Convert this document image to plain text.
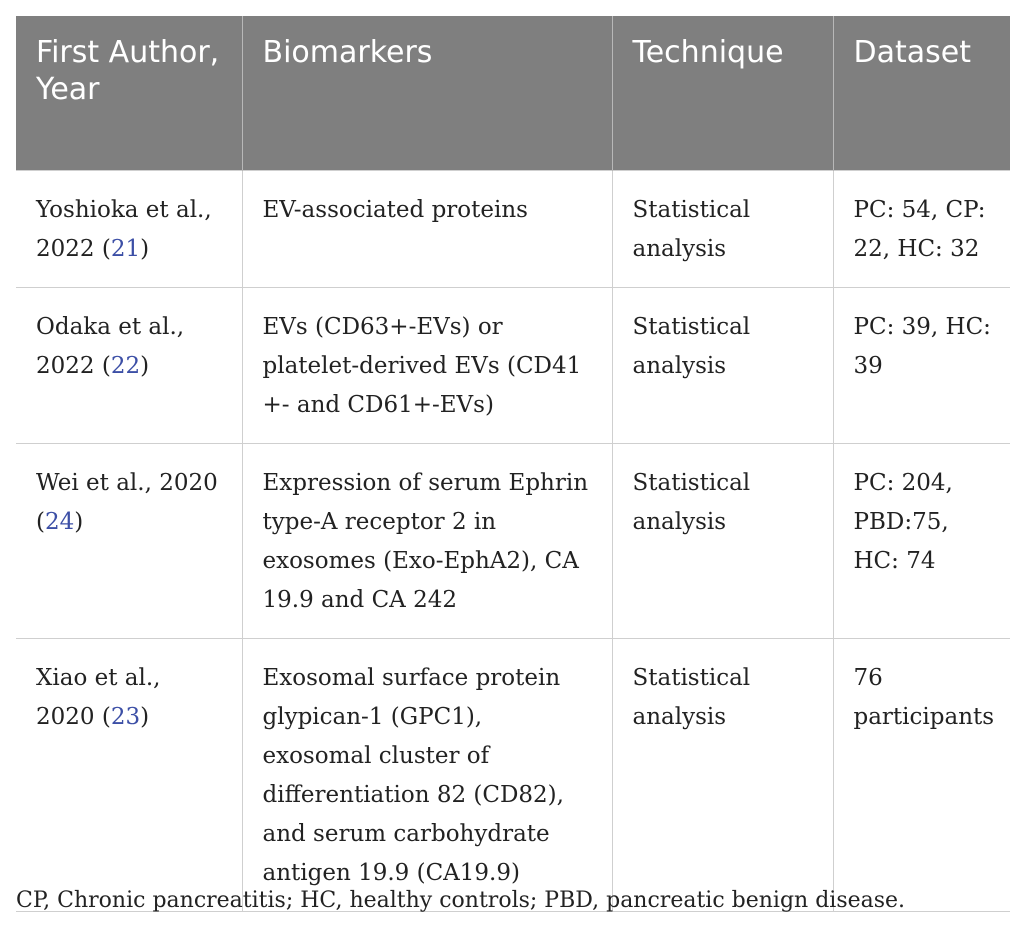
First Author, Year	Biomarkers	Technique	Dataset
Yoshioka et al., 2022 (21)	EV-associated proteins	Statistical analysis	PC: 54, CP: 22, HC: 32
Odaka et al., 2022 (22)	EVs (CD63+-EVs) or platelet-derived EVs (CD41 +- and CD61+-EVs)	Statistical analysis	PC: 39, HC: 39
Wei et al., 2020 (24)	Expression of serum Ephrin type-A receptor 2 in exosomes (Exo-EphA2), CA 19.9 and CA 242	Statistical analysis	PC: 204, PBD:75, HC: 74
Xiao et al., 2020 (23)	Exosomal surface protein glypican-1 (GPC1), exosomal cluster of differentiation 82 (CD82), and serum carbohydrate antigen 19.9 (CA19.9)	Statistical analysis	76 participants
CP, Chronic pancreatitis; HC, healthy controls; PBD, pancreatic benign disease.
